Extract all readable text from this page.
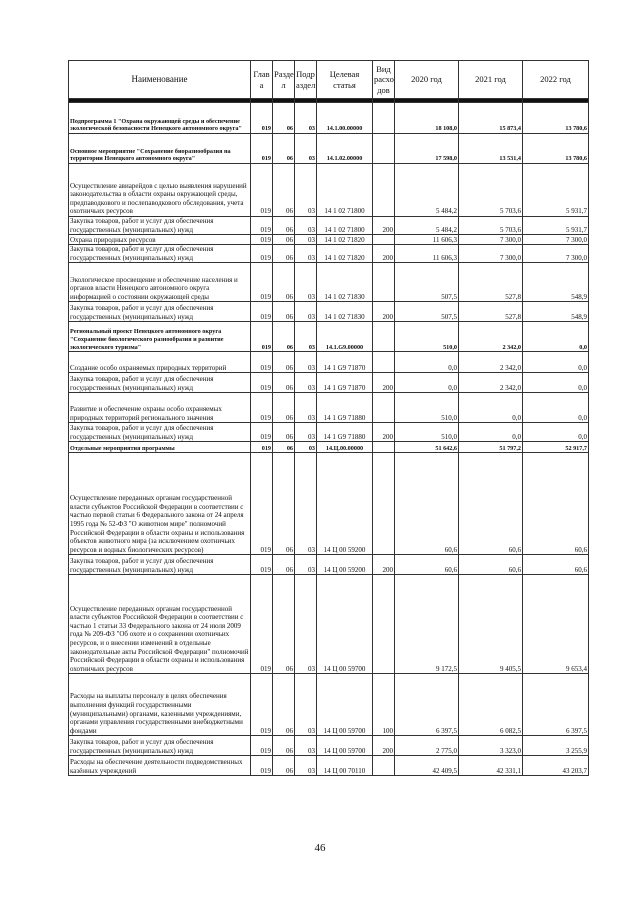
Наименование	Глав а	Разде л	Подр аздел	Целевая статья	Вид расхо дов	2020 год	2021 год	2022 год

Подпрограмма 1 "Охрана окружающей среды и обеспечение экологической безопасности Ненецкого автономного округа"	019	06	03	14.1.00.00000		18 108,0	15 873,4	13 780,6
Основное мероприятие "Сохранение биоразнообразия на территории Ненецкого автономного округа"	019	06	03	14.1.02.00000		17 598,0	13 531,4	13 780,6
Осуществление авиарейдов с целью выявления нарушений законодательства в области охраны окружающей среды, предпаводкового и послепаводкового обследования, учета охотничьих ресурсов	019	06	03	14 1 02 71800		5 484,2	5 703,6	5 931,7
Закупка товаров, работ и услуг для обеспечения государственных (муниципальных) нужд	019	06	03	14 1 02 71800	200	5 484,2	5 703,6	5 931,7
Охрана природных ресурсов	019	06	03	14 1 02 71820		11 606,3	7 300,0	7 300,0
Закупка товаров, работ и услуг для обеспечения государственных (муниципальных) нужд	019	06	03	14 1 02 71820	200	11 606,3	7 300,0	7 300,0
Экологическое просвещение и обеспечение населения и органов власти Ненецкого автономного округа информацией о состоянии окружающей среды	019	06	03	14 1 02 71830		507,5	527,8	548,9
Закупка товаров, работ и услуг для обеспечения государственных (муниципальных) нужд	019	06	03	14 1 02 71830	200	507,5	527,8	548,9
Региональный проект Ненецкого автономного округа "Сохранение биологического разнообразия и развитие экологического туризма"	019	06	03	14.1.G9.00000		510,0	2 342,0	0,0
Создание особо охраняемых природных территорий	019	06	03	14 1 G9 71870		0,0	2 342,0	0,0
Закупка товаров, работ и услуг для обеспечения государственных (муниципальных) нужд	019	06	03	14 1 G9 71870	200	0,0	2 342,0	0,0
Развитие и обеспечение охраны особо охраняемых природных территорий регионального значения	019	06	03	14 1 G9 71880		510,0	0,0	0,0
Закупка товаров, работ и услуг для обеспечения государственных (муниципальных) нужд	019	06	03	14 1 G9 71880	200	510,0	0,0	0,0
Отдельные мероприятия программы	019	06	03	14.Ц.00.00000		51 642,6	51 797,2	52 917,7
Осуществление переданных органам государственной власти субъектов Российской Федерации в соответствии с частью первой статьи 6 Федерального закона от 24 апреля 1995 года № 52-ФЗ "О животном мире" полномочий Российской Федерации в области охраны и использования объектов животного мира (за исключением охотничьих ресурсов и водных биологических ресурсов)	019	06	03	14 Ц 00 59200		60,6	60,6	60,6
Закупка товаров, работ и услуг для обеспечения государственных (муниципальных) нужд	019	06	03	14 Ц 00 59200	200	60,6	60,6	60,6
Осуществление переданных органам государственной власти субъектов Российской Федерации в соответствии с частью 1 статьи 33 Федерального закона от 24 июля 2009 года № 209-ФЗ "Об охоте и о сохранении охотничьих ресурсов, и о внесении изменений в отдельные законодательные акты Российской Федерации" полномочий Российской Федерации в области охраны и использования охотничьих ресурсов	019	06	03	14 Ц 00 59700		9 172,5	9 405,5	9 653,4
Расходы на выплаты персоналу в целях обеспечения выполнения функций государственными (муниципальными) органами, казенными учреждениями, органами управления государственными внебюджетными фондами	019	06	03	14 Ц 00 59700	100	6 397,5	6 082,5	6 397,5
Закупка товаров, работ и услуг для обеспечения государственных (муниципальных) нужд	019	06	03	14 Ц 00 59700	200	2 775,0	3 323,0	3 255,9
Расходы на обеспечение деятельности подведомственных казённых учреждений	019	06	03	14 Ц 00 70110		42 409,5	42 331,1	43 203,7
46
